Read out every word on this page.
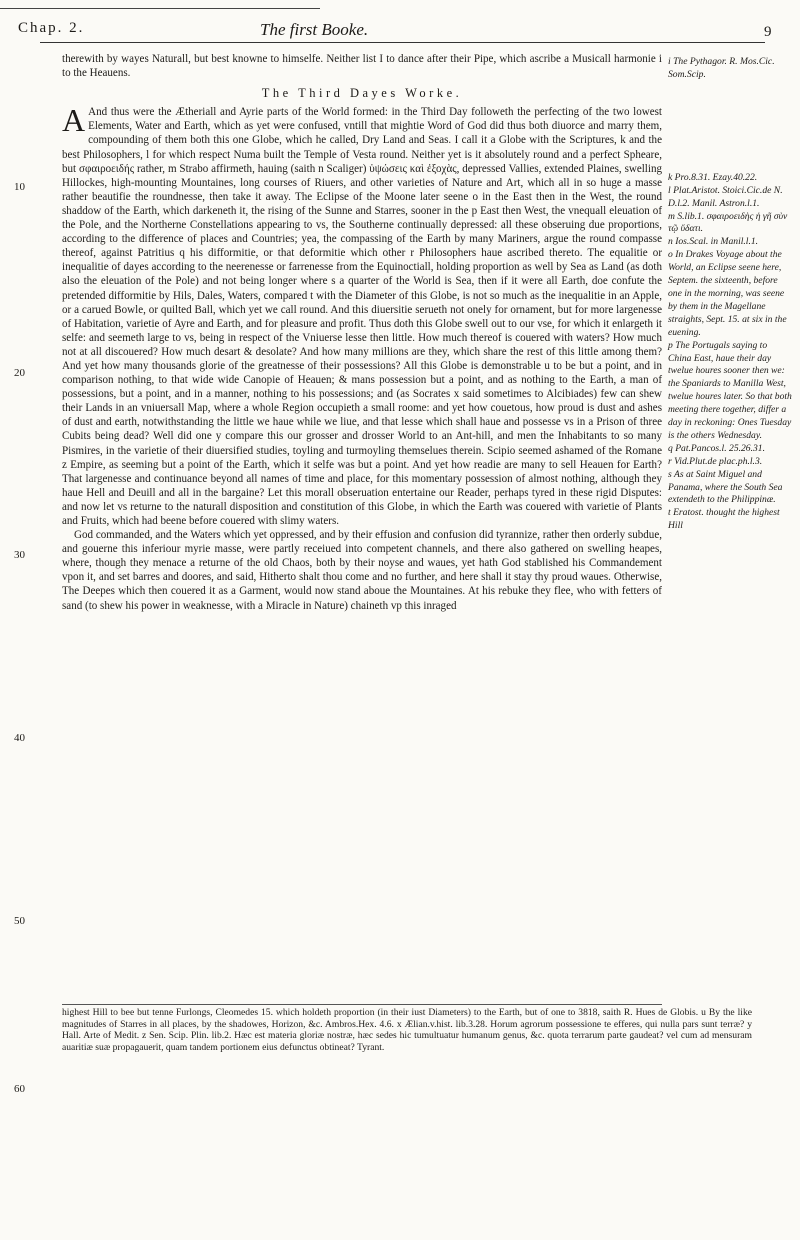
Chap. 2.	The first Booke.	9
10
20
30
40
50
60

therewith by wayes Naturall, but best knowne to himselfe. Neither list I to dance after their Pipe, which ascribe a Musicall harmonie i to the Heauens.

The Third Dayes Worke.

A And thus were the Ætheriall and Ayrie parts of the World formed: in the Third Day followeth the perfecting of the two lowest Elements, Water and Earth, which as yet were confused, vntill that mightie Word of God did thus both diuorce and marry them, compounding of them both this one Globe, which he called, Dry Land and Seas. I call it a Globe with the Scriptures, k and the best Philosophers, l for which respect Numa built the Temple of Vesta round. Neither yet is it absolutely round and a perfect Spheare, but σφαιροειδής rather, m Strabo affirmeth, hauing (saith n Scaliger) ὑψώσεις καὶ ἐξοχὰς, depressed Vallies, extended Plaines, swelling Hillockes, high-mounting Mountaines, long courses of Riuers, and other varieties of Nature and Art, which all in so huge a masse rather beautifie the roundnesse, then take it away. The Eclipse of the Moone later seene o in the East then in the West, the round shaddow of the Earth, which darkeneth it, the rising of the Sunne and Starres, sooner in the p East then West, the vnequall eleuation of the Pole, and the Northerne Constellations appearing to vs, the Southerne continually depressed: all these obseruing due proportions, according to the difference of places and Countries; yea, the compassing of the Earth by many Mariners, argue the round compasse thereof, against Patritius q his difformitie, or that deformitie which other r Philosophers haue ascribed thereto. The equalitie or inequalitie of dayes according to the neerenesse or farrenesse from the Equinoctiall, holding proportion as well by Sea as Land (as doth also the eleuation of the Pole) and not being longer where s a quarter of the World is Sea, then if it were all Earth, doe confute the pretended difformitie by Hils, Dales, Waters, compared t with the Diameter of this Globe, is not so much as the inequalitie in an Apple, or a carued Bowle, or quilted Ball, which yet we call round. And this diuersitie serueth not onely for ornament, but for more largenesse of Habitation, varietie of Ayre and Earth, and for pleasure and profit. Thus doth this Globe swell out to our vse, for which it enlargeth it selfe: and seemeth large to vs, being in respect of the Vniuerse lesse then little. How much thereof is couered with waters? How much not at all discouered? How much desart & desolate? And how many millions are they, which share the rest of this little among them? And yet how many thousands glorie of the greatnesse of their possessions? All this Globe is demonstrable u to be but a point, and in comparison nothing, to that wide wide Canopie of Heauen; & mans possession but a point, and as nothing to the Earth, a man of possessions, but a point, and in a manner, nothing to his possessions; and (as Socrates x said sometimes to Alcibiades) few can shew their Lands in an vniuersall Map, where a whole Region occupieth a small roome: and yet how couetous, how proud is dust and ashes of dust and earth, notwithstanding the little we haue while we liue, and that lesse which shall haue and possesse vs in a Prison of three Cubits being dead? Well did one y compare this our grosser and drosser World to an Ant-hill, and men the Inhabitants to so many Pismires, in the varietie of their diuersified studies, toyling and turmoyling themselues therein. Scipio seemed ashamed of the Romane z Empire, as seeming but a point of the Earth, which it selfe was but a point. And yet how readie are many to sell Heauen for Earth? That largenesse and continuance beyond all names of time and place, for this momentary possession of almost nothing, although they haue Hell and Deuill and all in the bargaine? Let this morall obseruation entertaine our Reader, perhaps tyred in these rigid Disputes: and now let vs returne to the naturall disposition and constitution of this Globe, in which the Earth was couered with varietie of Plants and Fruits, which had beene before couered with slimy waters.

God commanded, and the Waters which yet oppressed, and by their effusion and confusion did tyrannize, rather then orderly subdue, and gouerne this inferiour myrie masse, were partly receiued into competent channels, and there also gathered on swelling heapes, where, though they menace a returne of the old Chaos, both by their noyse and waues, yet hath God stablished his Commandement vpon it, and set barres and doores, and said, Hitherto shalt thou come and no further, and here shall it stay thy proud waues. Otherwise, The Deepes which then couered it as a Garment, would now stand aboue the Mountaines. At his rebuke they flee, who with fetters of sand (to shew his power in weaknesse, with a Miracle in Nature) chaineth vp this inraged

i The Pythagor. R. Mos.Cic. Som.Scip.
k Pro.8.31. Ezay.40.22.
l Plat.Aristot. Stoici.Cic.de N. D.l.2. Manil. Astron.l.1.
m S.lib.1. σφαιροειδὴς ἡ γῆ σὺν τῷ ὕδατι.
n Ios.Scal. in Manil.l.1.
o In Drakes Voyage about the World, an Eclipse seene here, Septem. the sixteenth, before one in the morning, was seene by them in the Magellane straights, Sept. 15. at six in the euening.
p The Portugals saying to China East, haue their day twelue houres sooner then we: the Spaniards to Manilla West, twelue houres later. So that both meeting there together, differ a day in reckoning: Ones Tuesday is the others Wednesday.
q Pat.Pancos.l. 25.26.31.
r Vid.Plut.de plac.ph.l.3.
s As at Saint Miguel and Panama, where the South Sea extendeth to the Philippinæ.
t Eratost. thought the highest Hill

highest Hill to bee but tenne Furlongs, Cleomedes 15. which holdeth proportion (in their iust Diameters) to the Earth, but of one to 3818, saith R. Hues de Globis. u By the like magnitudes of Starres in all places, by the shadowes, Horizon, &c. Ambros.Hex. 4.6. x Ælian.v.hist. lib.3.28. Horum agrorum possessione te efferes, qui nulla pars sunt terræ? y Hall. Arte of Medit. z Sen. Scip. Plin. lib.2. Hæc est materia gloriæ nostræ, hæc sedes hic tumultuatur humanum genus, &c. quota terrarum parte gaudeat? vel cum ad mensuram auaritiæ suæ propagauerit, quam tandem portionem eius defunctus obtineat? Tyrant.
